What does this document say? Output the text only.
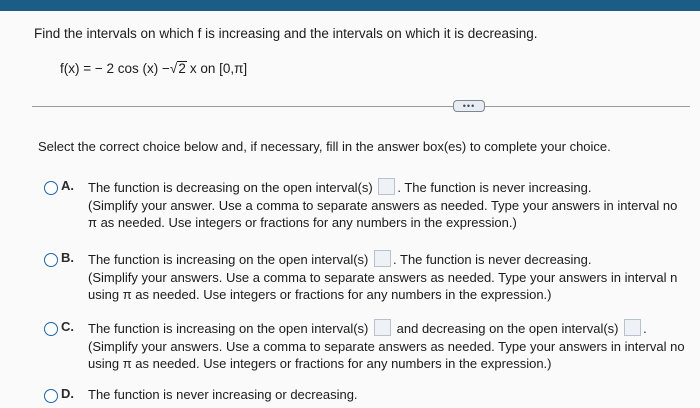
Find the intervals on which f is increasing and the intervals on which it is decreasing.
f(x) = − 2 cos (x) − √ 2 x on [0,π]
•••
Select the correct choice below and, if necessary, fill in the answer box(es) to complete your choice.
A. The function is decreasing on the open interval(s) . The function is never increasing.
(Simplify your answer. Use a comma to separate answers as needed. Type your answers in interval no
π as needed. Use integers or fractions for any numbers in the expression.)
B. The function is increasing on the open interval(s) . The function is never decreasing.
(Simplify your answers. Use a comma to separate answers as needed. Type your answers in interval n
using π as needed. Use integers or fractions for any numbers in the expression.)
C. The function is increasing on the open interval(s) and decreasing on the open interval(s) .
(Simplify your answers. Use a comma to separate answers as needed. Type your answers in interval no
using π as needed. Use integers or fractions for any numbers in the expression.)
D. The function is never increasing or decreasing.
